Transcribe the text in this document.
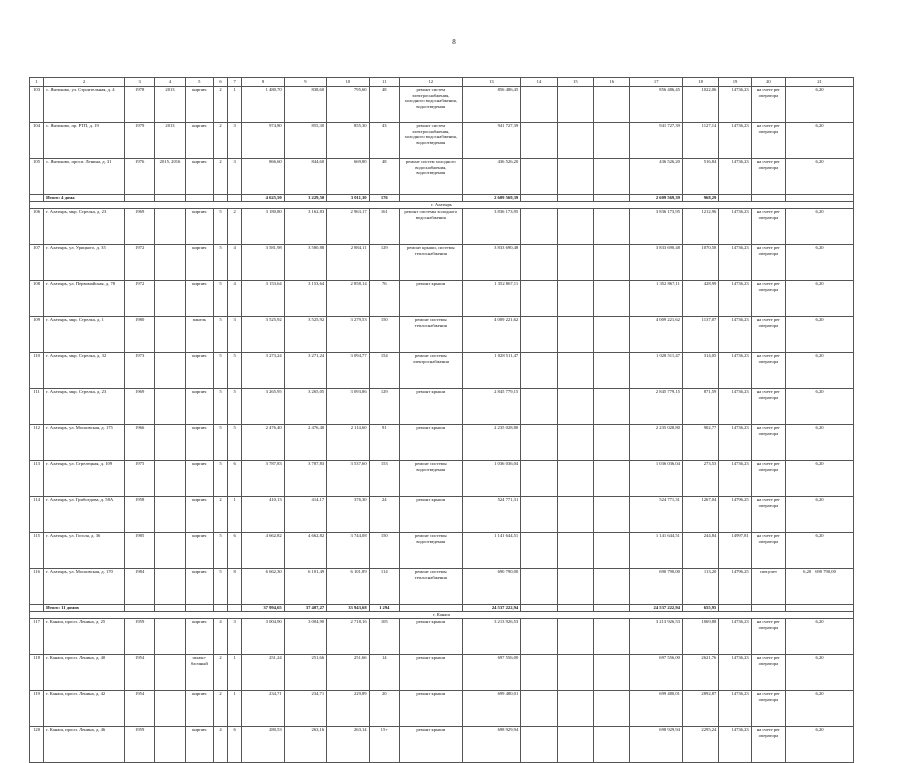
8
1	2	3	4	5	6	7	8	9	10	11	12	13	14	15	16	17	18	19	20	21
103	с. Янтиково, ул. Строительная, д. 4	1978	2013	кирпич	2	1	1 480,70	838,60	795,60	48	ремонт систем электроснабжения, холодного водоснабжения, водоотведения	856 486,45				856 486,45	1022,06	14736,23	на счете рег оператора	6,20
104	с. Янтиково, пр. РТП, д. 19	1979	2013	кирпич	2	3	974,80	855,30	855,30	43	ремонт систем электроснабжения, холодного водоснабжения, водоотведения	941 727,39				941 727,39	1127,14	14736,23	на счете рег оператора	6,20
105	с. Янтиково, просп. Ленина, д. 31	1976	2015, 2016	кирпич	2	3	866,60	844,60	669,80	48	ремонт систем холодного водоснабжения, водоотведения	436 526,20				436 526,20	516,84	14736,23	на счете рег оператора	6,20
	Итого: 4 дома						4 625,50	3 229,50	3 011,30	176		2 609 569,39				2 609 569,39	968,29			
г. Алатырь																				
106	г. Алатырь, мкр. Стрелка, д. 23	1969		кирпич	5	2	3 180,80	3 162,83	2 963,17	161	ремонт системы холодного водоснабжения	3 836 173,95				3 836 173,95	1212,96	14736,23	на счете рег оператора	6,20
107	г. Алатырь, ул. Урицкого, д. 35	1972		кирпич	5	4	3 581,98	3 580,88	2 884,11	129	ремонт крыши, системы теплоснабжения	3 833 690,48				3 833 690,48	1070,58	14736,23	на счете рег оператора	6,20
108	г. Алатырь, ул. Первомайская, д. 78	1972		кирпич	5	4	3 153,64	3 153,64	2 858,14	76	ремонт крыши	1 352 867,11				1 352 867,11	428,99	14736,23	на счете рег оператора	6,20
109	г. Алатырь, мкр. Стрелка, д. 1	1980		панель	5	3	3 525,92	3 525,92	3 279,53	150	ремонт системы теплоснабжения	4 009 221,62				4 009 221,62	1137,07	14736,23	на счете рег оператора	6,20
110	г. Алатырь, мкр. Стрелка, д. 32	1973		кирпич	5	5	3 273,24	3 271,24	3 094,77	154	ремонт системы электроснабжения	1 028 511,47				1 028 511,47	314,05	14736,23	на счете рег оператора	6,20
111	г. Алатырь, мкр. Стрелка, д. 23	1969		кирпич	5	5	3 265,95	3 265,05	3 093,86	129	ремонт крыши	2 845 779,15				2 845 779,15	871,59	14736,23	на счете рег оператора	6,20
112	г. Алатырь, ул. Московская, д. 175	1966		кирпич	5	5	2 476,40	2 476,40	2 114,60	91	ремонт крыши	2 235 028,80				2 235 028,80	902,77	14736,23	на счете рег оператора	6,20
113	г. Алатырь, ул. Стрелецкая, д. 109	1975		кирпич	5	6	3 787,83	3 787,83	3 537,60	153	ремонт системы водоотведения	1 036 036,04				1 036 036,04	273,53	14736,23	на счете рег оператора	6,20
114	г. Алатырь, ул. Грибоедова, д. 58А	1958		кирпич	2	1	410,13	414,17	376,30	24	ремонт крыши	524 771,31				524 771,31	1267,04	14796,25	на счете рег оператора	6,20
115	г. Алатырь, ул. Гоголя, д. 36	1985		кирпич	5	6	4 662,82	4 662,82	3 744,08	150	ремонт системы водоотведения	1 141 644,51				1 141 644,51	244,84	14997,81	на счете рег оператора	6,20
116	г. Алатырь, ул. Московская, д. 170	1984		кирпич	5	8	6 662,30	6 101,49	6 101,89	114	ремонт системы теплоснабжения	690 790,00				690 790,00	113,20	14796,25	спецсчет	6,20 690 790,00
	Итого: 11 домов						37 994,65	37 407,27	33 943,68	1 294		24 537 222,94				24 537 222,94	655,95			
г. Канаш																				
117	г. Канаш, просп. Ленина, д. 25	1959		кирпич	4	3	3 004,90	3 004,90	2 718,16	105	ремонт крыши	3 213 926,53				3 213 926,53	1069,88	14736,23	на счете рег оператора	6,20
118	г. Канаш, просп. Ленина, д. 40	1954		шлако-блочный	2	1	251,24	251,66	251,66	14	ремонт крыши	697 556,00				697 556,00	2621,76	14736,23	на счете рег оператора	6,20
119	г. Канаш, просп. Ленина, д. 42	1954		кирпич	2	1	234,71	234,71	229,89	20	ремонт крыши	699 480,01				699 480,01	2892,87	14736,23	на счете рег оператора	6,20
120	г. Канаш, просп. Ленина, д. 46	1959		кирпич	4	6	280,53	263,16	263,14	15+	ремонт крыши	698 929,94				698 929,94	2295,24	14736,23	на счете рег оператора	6,20
